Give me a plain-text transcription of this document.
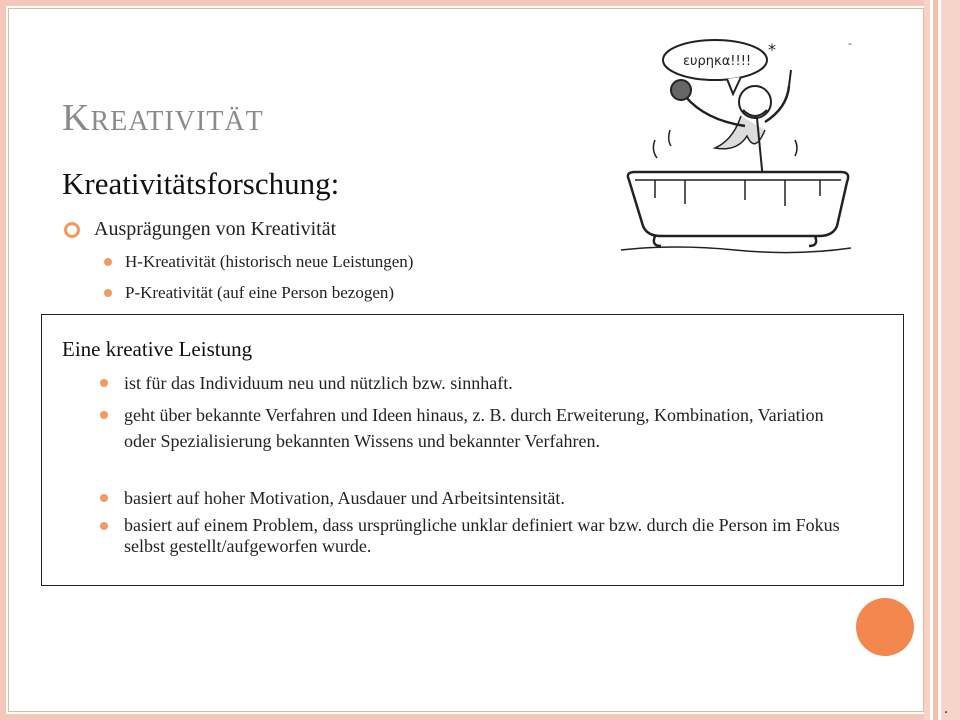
KREATIVITÄT
Kreativitätsforschung:
Ausprägungen von Kreativität
H-Kreativität (historisch neue Leistungen)
P-Kreativität (auf eine Person bezogen)
ευρηκα!!!!
*	-
Eine kreative Leistung
ist für das Individuum neu und nützlich bzw. sinnhaft.
geht über bekannte Verfahren und Ideen hinaus, z. B. durch Erweiterung, Kombination, Variation oder Spezialisierung bekannten Wissens und bekannter Verfahren.
basiert auf hoher Motivation, Ausdauer und Arbeitsintensität.
basiert auf einem Problem, dass ursprüngliche unklar definiert war bzw. durch die Person im Fokus selbst gestellt/aufgeworfen wurde.
.
